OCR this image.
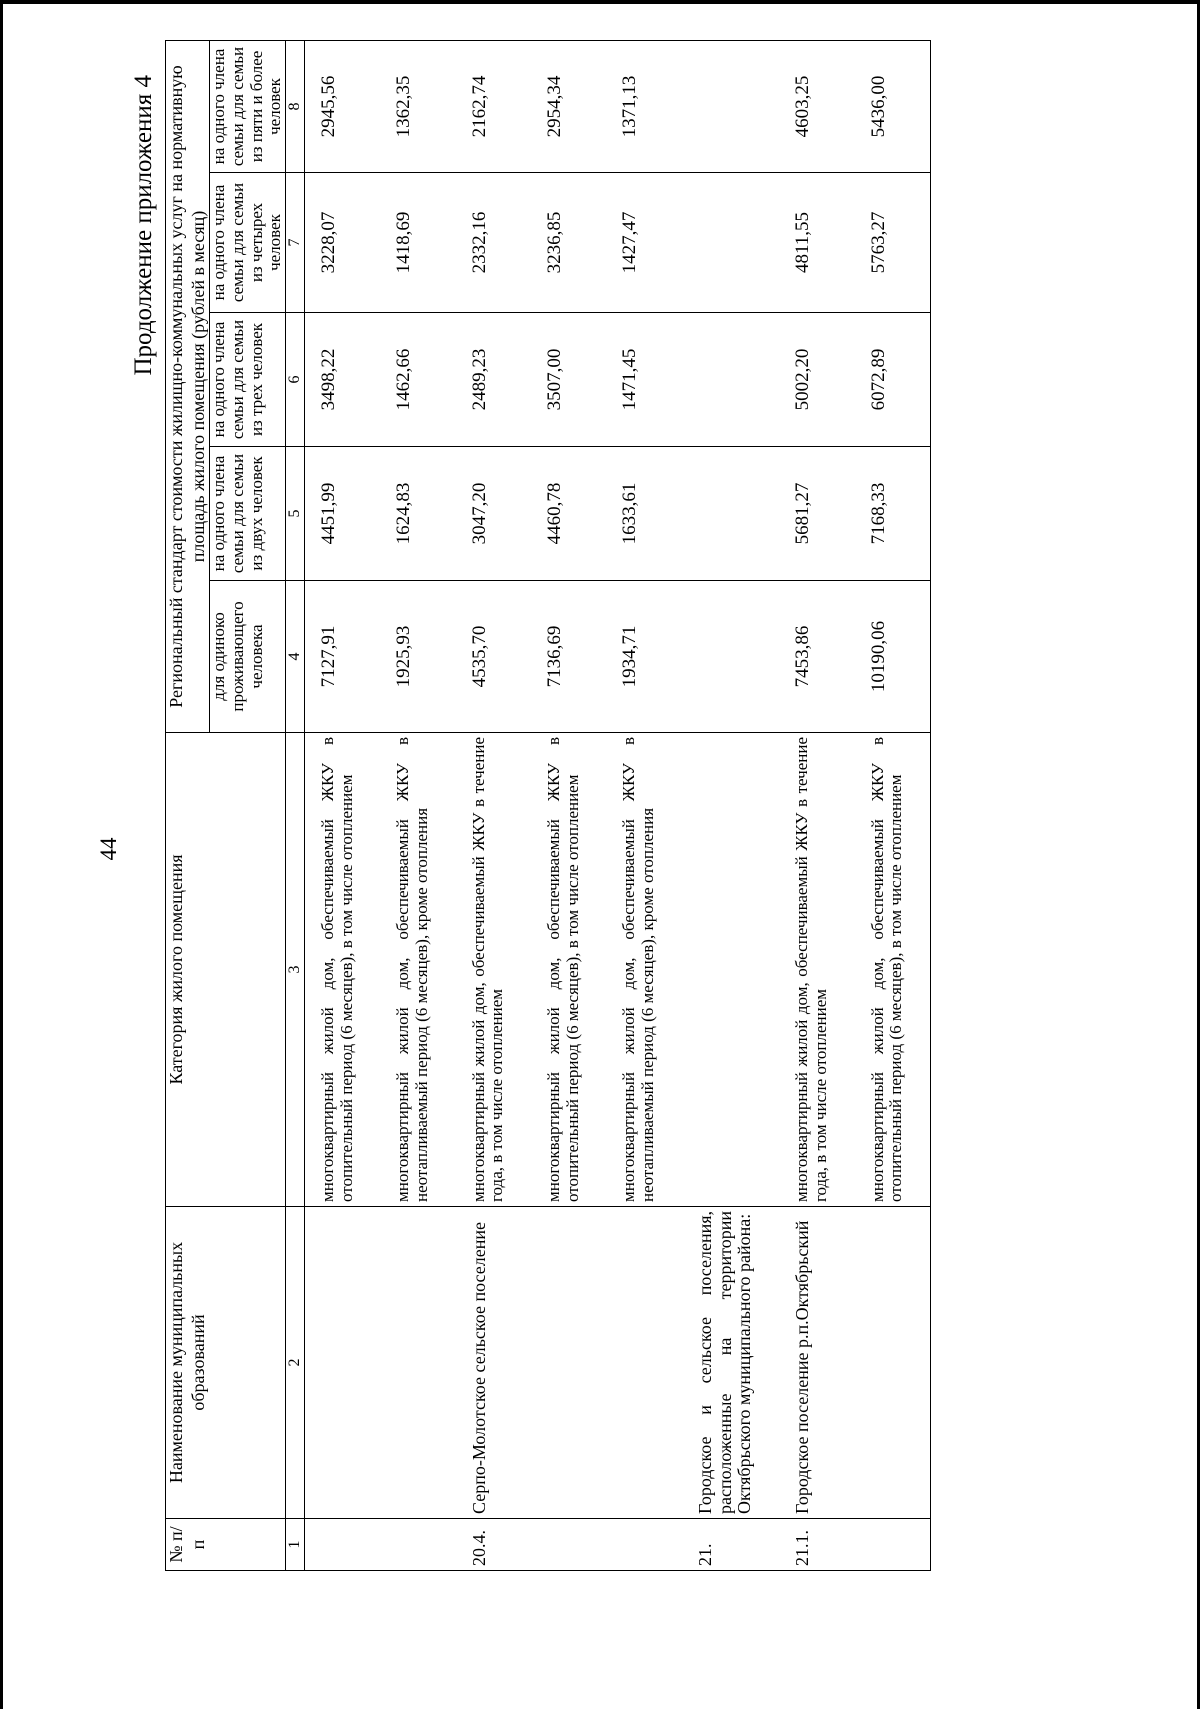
44
Продолжение приложения 4
№ п/п	Наименование муниципальных образований	Категория жилого помещения	Региональный стандарт стоимости жилищно-коммунальных услуг на нормативную площадь жилого помещения (рублей в месяц)				
			для одиноко проживающего человека	на одного члена семьи для семьи из двух человек	на одного члена семьи для семьи из трех человек	на одного члена семьи для семьи из четырех человек	на одного члена семьи для семьи из пяти и более человек
1	2	3	4	5	6	7	8
		многоквартирный жилой дом, обеспечиваемый ЖКУ в отопительный период (6 месяцев), в том числе отоплением	7127,91	4451,99	3498,22	3228,07	2945,56
		многоквартирный жилой дом, обеспечиваемый ЖКУ в неотапливаемый период (6 месяцев), кроме отопления	1925,93	1624,83	1462,66	1418,69	1362,35
20.4.	Серпо-Молотское сельское поселение	многоквартирный жилой дом, обеспечиваемый ЖКУ в течение года, в том числе отоплением	4535,70	3047,20	2489,23	2332,16	2162,74
		многоквартирный жилой дом, обеспечиваемый ЖКУ в отопительный период (6 месяцев), в том числе отоплением	7136,69	4460,78	3507,00	3236,85	2954,34
		многоквартирный жилой дом, обеспечиваемый ЖКУ в неотапливаемый период (6 месяцев), кроме отопления	1934,71	1633,61	1471,45	1427,47	1371,13
21.	Городское и сельское поселения, расположенные на территории Октябрьского муниципального района:						
21.1.	Городское поселение р.п.Октябрьский	многоквартирный жилой дом, обеспечиваемый ЖКУ в течение года, в том числе отоплением	7453,86	5681,27	5002,20	4811,55	4603,25
		многоквартирный жилой дом, обеспечиваемый ЖКУ в отопительный период (6 месяцев), в том числе отоплением	10190,06	7168,33	6072,89	5763,27	5436,00
